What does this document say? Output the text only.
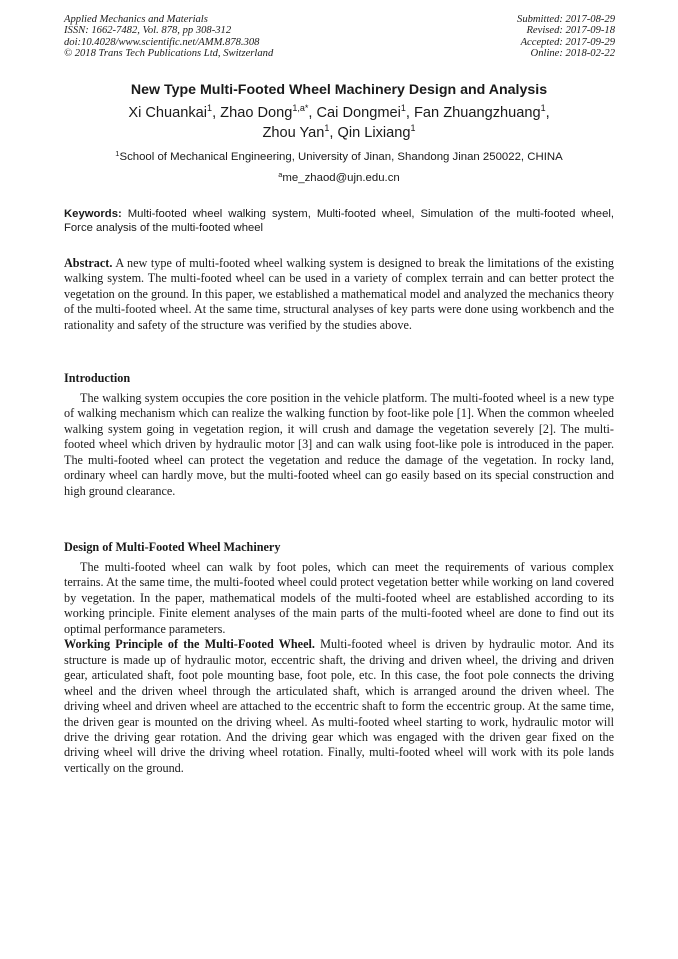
Applied Mechanics and Materials
ISSN: 1662-7482, Vol. 878, pp 308-312
doi:10.4028/www.scientific.net/AMM.878.308
© 2018 Trans Tech Publications Ltd, Switzerland
Submitted: 2017-08-29
Revised: 2017-09-18
Accepted: 2017-09-29
Online: 2018-02-22
New Type Multi-Footed Wheel Machinery Design and Analysis
Xi Chuankai$^1$, Zhao Dong$^{1,a*}$, Cai Dongmei$^1$, Fan Zhuangzhuang$^1$,
Zhou Yan$^1$, Qin Lixiang$^1$
$^1$School of Mechanical Engineering, University of Jinan, Shandong Jinan 250022, CHINA
$^a$me_zhaod@ujn.edu.cn
Keywords: Multi-footed wheel walking system, Multi-footed wheel, Simulation of the multi-footed wheel, Force analysis of the multi-footed wheel

Abstract. A new type of multi-footed wheel walking system is designed to break the limitations of the existing walking system. The multi-footed wheel can be used in a variety of complex terrain and can better protect the vegetation on the ground. In this paper, we established a mathematical model and analyzed the mechanics theory of the multi-footed wheel. At the same time, structural analyses of key parts were done using workbench and the rationality and safety of the structure was verified by the studies above.

Introduction

The walking system occupies the core position in the vehicle platform. The multi-footed wheel is a new type of walking mechanism which can realize the walking function by foot-like pole [1]. When the common wheeled walking system going in vegetation region, it will crush and damage the vegetation severely [2]. The multi-footed wheel which driven by hydraulic motor [3] and can walk using foot-like pole is introduced in the paper. The multi-footed wheel can protect the vegetation and reduce the damage of the vegetation. In rocky land, ordinary wheel can hardly move, but the multi-footed wheel can go easily based on its special construction and high ground clearance.

Design of Multi-Footed Wheel Machinery

The multi-footed wheel can walk by foot poles, which can meet the requirements of various complex terrains. At the same time, the multi-footed wheel could protect vegetation better while working on land covered by vegetation. In the paper, mathematical models of the multi-footed wheel are established according to its working principle. Finite element analyses of the main parts of the multi-footed wheel are done to find out its optimal performance parameters.

Working Principle of the Multi-Footed Wheel. Multi-footed wheel is driven by hydraulic motor. And its structure is made up of hydraulic motor, eccentric shaft, the driving and driven wheel, the driving and driven gear, articulated shaft, foot pole mounting base, foot pole, etc. In this case, the foot pole connects the driving wheel and the driven wheel through the articulated shaft, which is arranged around the driven wheel. The driving wheel and driven wheel are attached to the eccentric shaft to form the eccentric group. At the same time, the driven gear is mounted on the driving wheel. As multi-footed wheel starting to work, hydraulic motor will drive the driving gear rotation. And the driving gear which was engaged with the driven gear fixed on the driving wheel will drive the driving wheel rotation. Finally, multi-footed wheel will work with its pole lands vertically on the ground.
